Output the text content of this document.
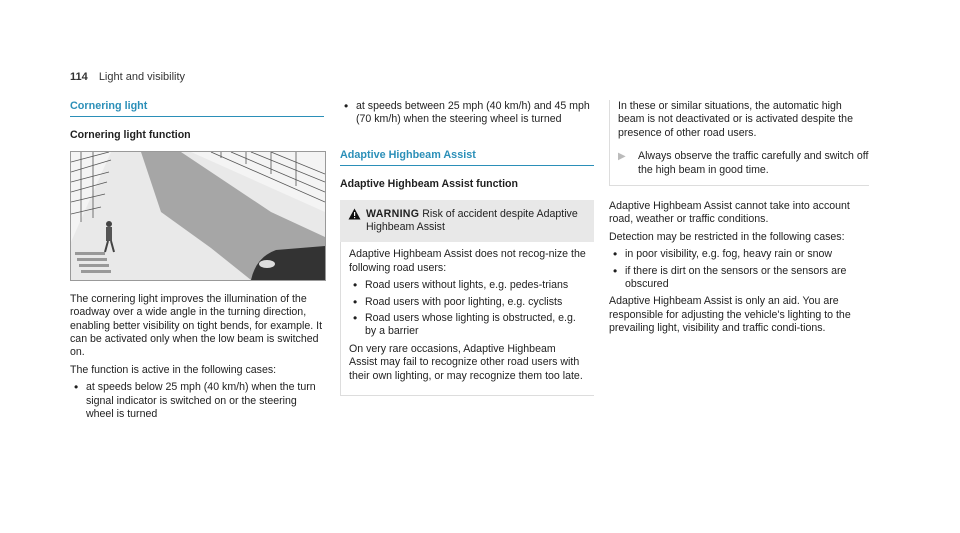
114 Light and visibility
Cornering light
Cornering light function

The cornering light improves the illumination of the roadway over a wide angle in the turning direction, enabling better visibility on tight bends, for example. It can be activated only when the low beam is switched on.

The function is active in the following cases:

• at speeds below 25 mph (40 km/h) when the turn signal indicator is switched on or the steering wheel is turned
• at speeds between 25 mph (40 km/h) and 45 mph (70 km/h) when the steering wheel is turned
Adaptive Highbeam Assist
Adaptive Highbeam Assist function
WARNING Risk of accident despite Adaptive Highbeam Assist

Adaptive Highbeam Assist does not recog-nize the following road users:

• Road users without lights, e.g. pedes-trians
• Road users with poor lighting, e.g. cyclists
• Road users whose lighting is obstructed, e.g. by a barrier

On very rare occasions, Adaptive Highbeam Assist may fail to recognize other road users with their own lighting, or may recognize them too late.

In these or similar situations, the automatic high beam is not deactivated or is activated despite the presence of other road users.

▶	Always observe the traffic carefully and switch off the high beam in good time.

Adaptive Highbeam Assist cannot take into account road, weather or traffic conditions.

Detection may be restricted in the following cases:

• in poor visibility, e.g. fog, heavy rain or snow
• if there is dirt on the sensors or the sensors are obscured

Adaptive Highbeam Assist is only an aid. You are responsible for adjusting the vehicle's lighting to the prevailing light, visibility and traffic condi-tions.
